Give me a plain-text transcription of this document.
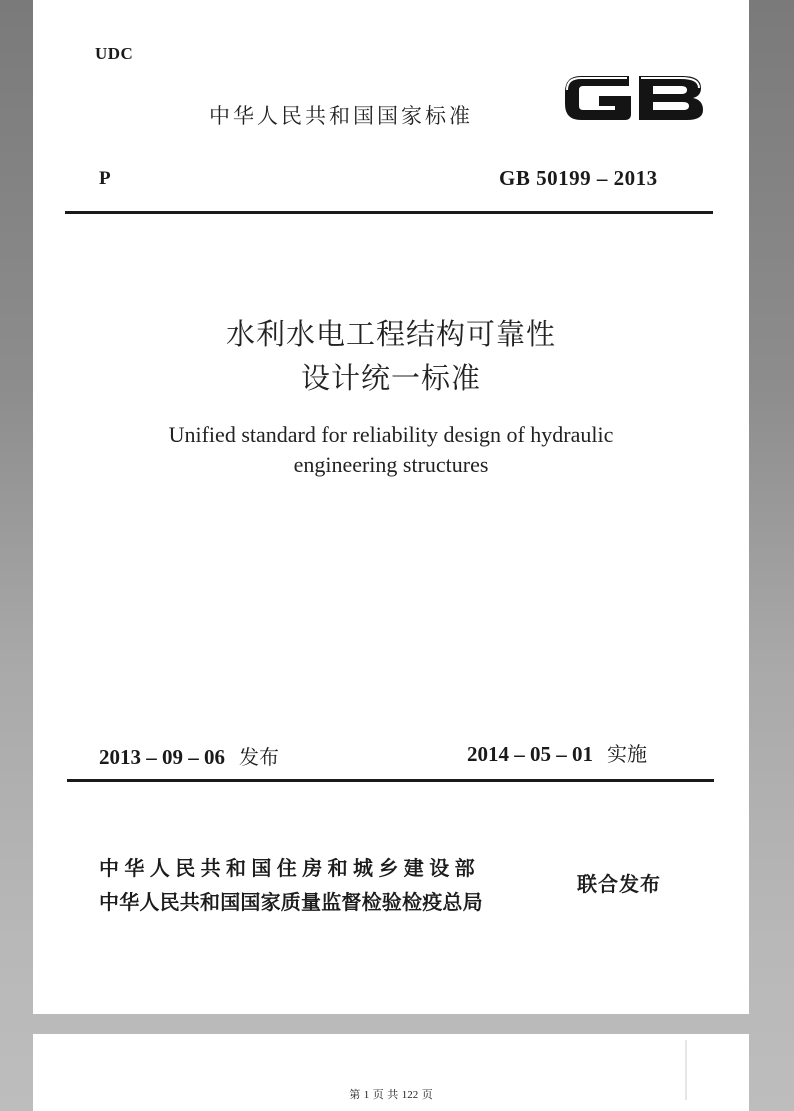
UDC
中华人民共和国国家标准
P	GB 50199 – 2013
水利水电工程结构可靠性
设计统一标准
Unified standard for reliability design of hydraulic
engineering structures
2013 – 09 – 06 发布	2014 – 05 – 01 实施
中华人民共和国住房和城乡建设部
中华人民共和国国家质量监督检验检疫总局
联合发布
第 1 页 共 122 页
